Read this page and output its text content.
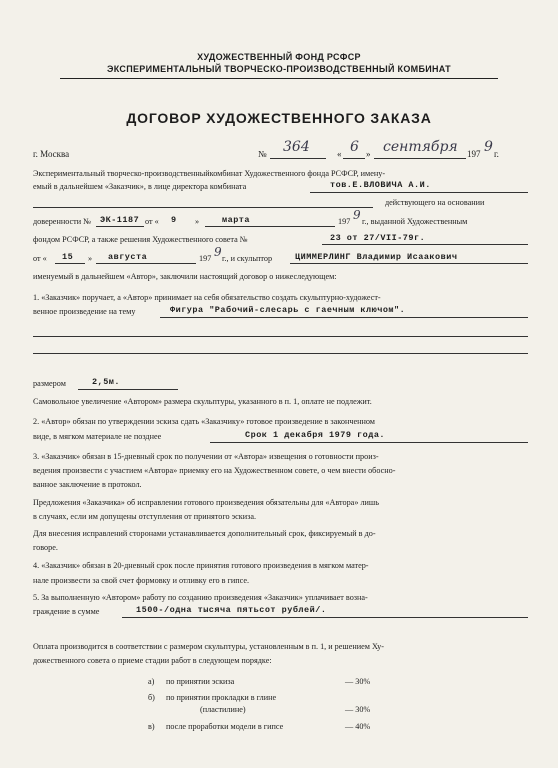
ХУДОЖЕСТВЕННЫЙ ФОНД РСФСР
ЭКСПЕРИМЕНТАЛЬНЫЙ ТВОРЧЕСКО-ПРОИЗВОДСТВЕННЫЙ КОМБИНАТ
ДОГОВОР ХУДОЖЕСТВЕННОГО ЗАКАЗА
г. Москва	№ 364	« 6 » сентября 197 9 г.
Экспериментальный творческо-производственныйкомбинат Художественного фонда РСФСР, имену-
емый в дальнейшем «Заказчик», в лице директора комбината	тов.Е.ВЛОВИЧА А.И.
действующего на основании
доверенности № ЭК-1187 от « 9 »	марта	197 9 г., выданной Художественным
фондом РСФСР, а также решения Художественного совета №	23 от 27/VII-79г.
от « 15 » августа	197 9 г., и скульптор	ЦИММЕРЛИНГ Владимир Исаакович
именуемый в дальнейшем «Автор», заключили настоящий договор о нижеследующем:
1. «Заказчик» поручает, а «Автор» принимает на себя обязательство создать скульптурно-художест-
венное произведение на тему	Фигура "Рабочий-слесарь с гаечным ключом".
размером	2,5м.
Самовольное увеличение «Автором» размера скульптуры, указанного в п. 1, оплате не подлежит.
2. «Автор» обязан по утверждении эскиза сдать «Заказчику» готовое произведение в законченном
виде, в мягком материале не позднее	Срок 1 декабря 1979 года.
3. «Заказчик» обязан в 15-дневный срок по получении от «Автора» извещения о готовности произ-
ведения произвести с участием «Автора» приемку его на Художественном совете, о чем внести обосно-
ванное заключение в протокол.
Предложения «Заказчика» об исправлении готового произведения обязательны для «Автора» лишь
в случаях, если им допущены отступления от принятого эскиза.
Для внесения исправлений сторонами устанавливается дополнительный срок, фиксируемый в до-
говоре.
4. «Заказчик» обязан в 20-дневный срок после принятия готового произведения в мягком матер-
нале произвести за свой счет формовку и отливку его в гипсе.
5. За выполненную «Автором» работу по созданию произведения «Заказчик» уплачивает возна-
граждение в сумме	1500-/одна тысяча пятьсот рублей/.
Оплата производится в соответствии с размером скульптуры, установленным в п. 1, и решением Ху-
дожественного совета о приеме стадии работ в следующем порядке:
а) по принятии эскиза	— 30%
б) по принятии прокладки в глине
(пластилине)	— 30%
в) после проработки модели в гипсе	— 40%
